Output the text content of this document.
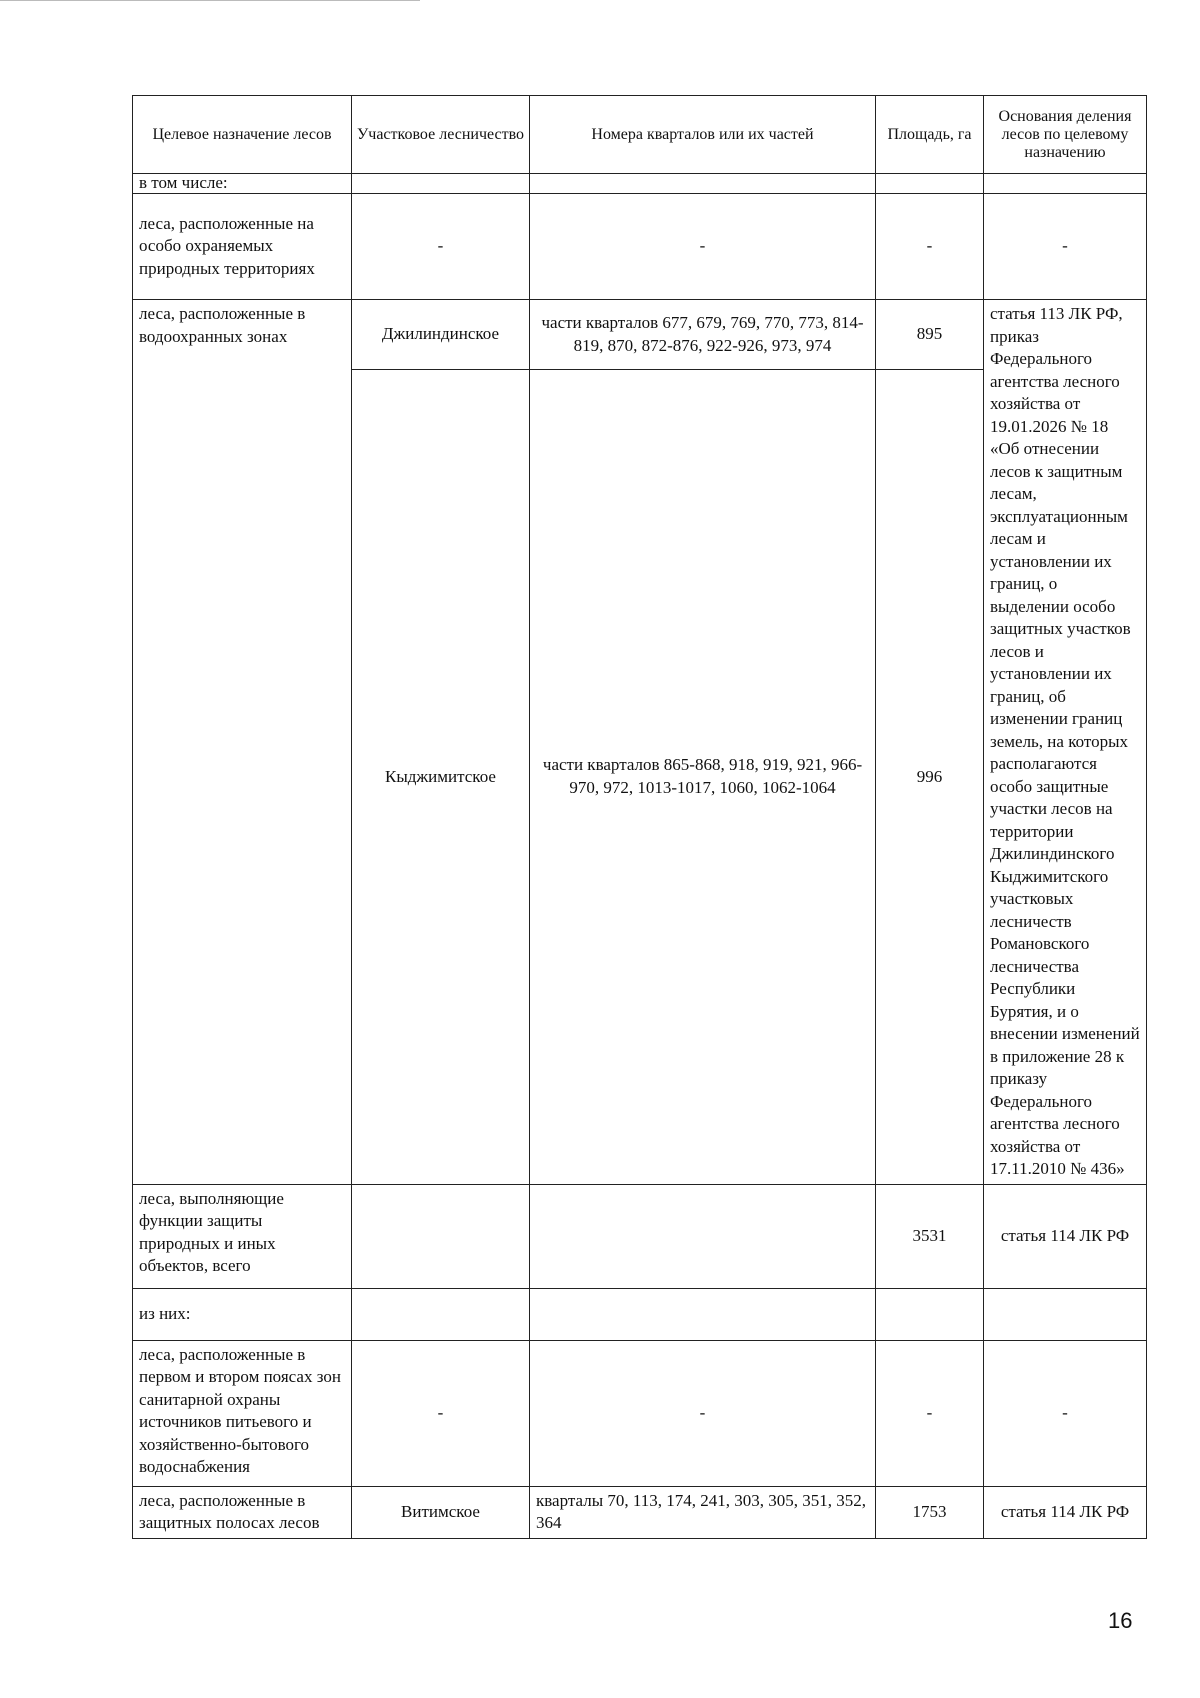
Целевое назначение лесов	Участковое лесничество	Номера кварталов или их частей	Площадь, га	Основания деления лесов по целевому назначению
в том числе:				
леса, расположенные на особо охраняемых природных территориях	-	-	-	-
леса, расположенные в водоохранных зонах	Джилиндинское	части кварталов 677, 679, 769, 770, 773, 814-819, 870, 872-876, 922-926, 973, 974	895	статья 113 ЛК РФ, приказ Федерального агентства лесного хозяйства от 19.01.2026 № 18 «Об отнесении лесов к защитным лесам, эксплуатационным лесам и установлении их границ, о выделении особо защитных участков лесов и установлении их границ, об изменении границ земель, на которых располагаются особо защитные участки лесов на территории Джилиндинского Кыджимитского участковых лесничеств Романовского лесничества Республики Бурятия, и о внесении изменений в приложение 28 к приказу Федерального агентства лесного хозяйства от 17.11.2010 № 436»
	Кыджимитское	части кварталов 865-868, 918, 919, 921, 966-970, 972, 1013-1017, 1060, 1062-1064	996	
леса, выполняющие функции защиты природных и иных объектов, всего			3531	статья 114 ЛК РФ
из них:				
леса, расположенные в первом и втором поясах зон санитарной охраны источников питьевого и хозяйственно-бытового водоснабжения	-	-	-	-
леса, расположенные в защитных полосах лесов	Витимское	кварталы 70, 113, 174, 241, 303, 305, 351, 352, 364	1753	статья 114 ЛК РФ
16
